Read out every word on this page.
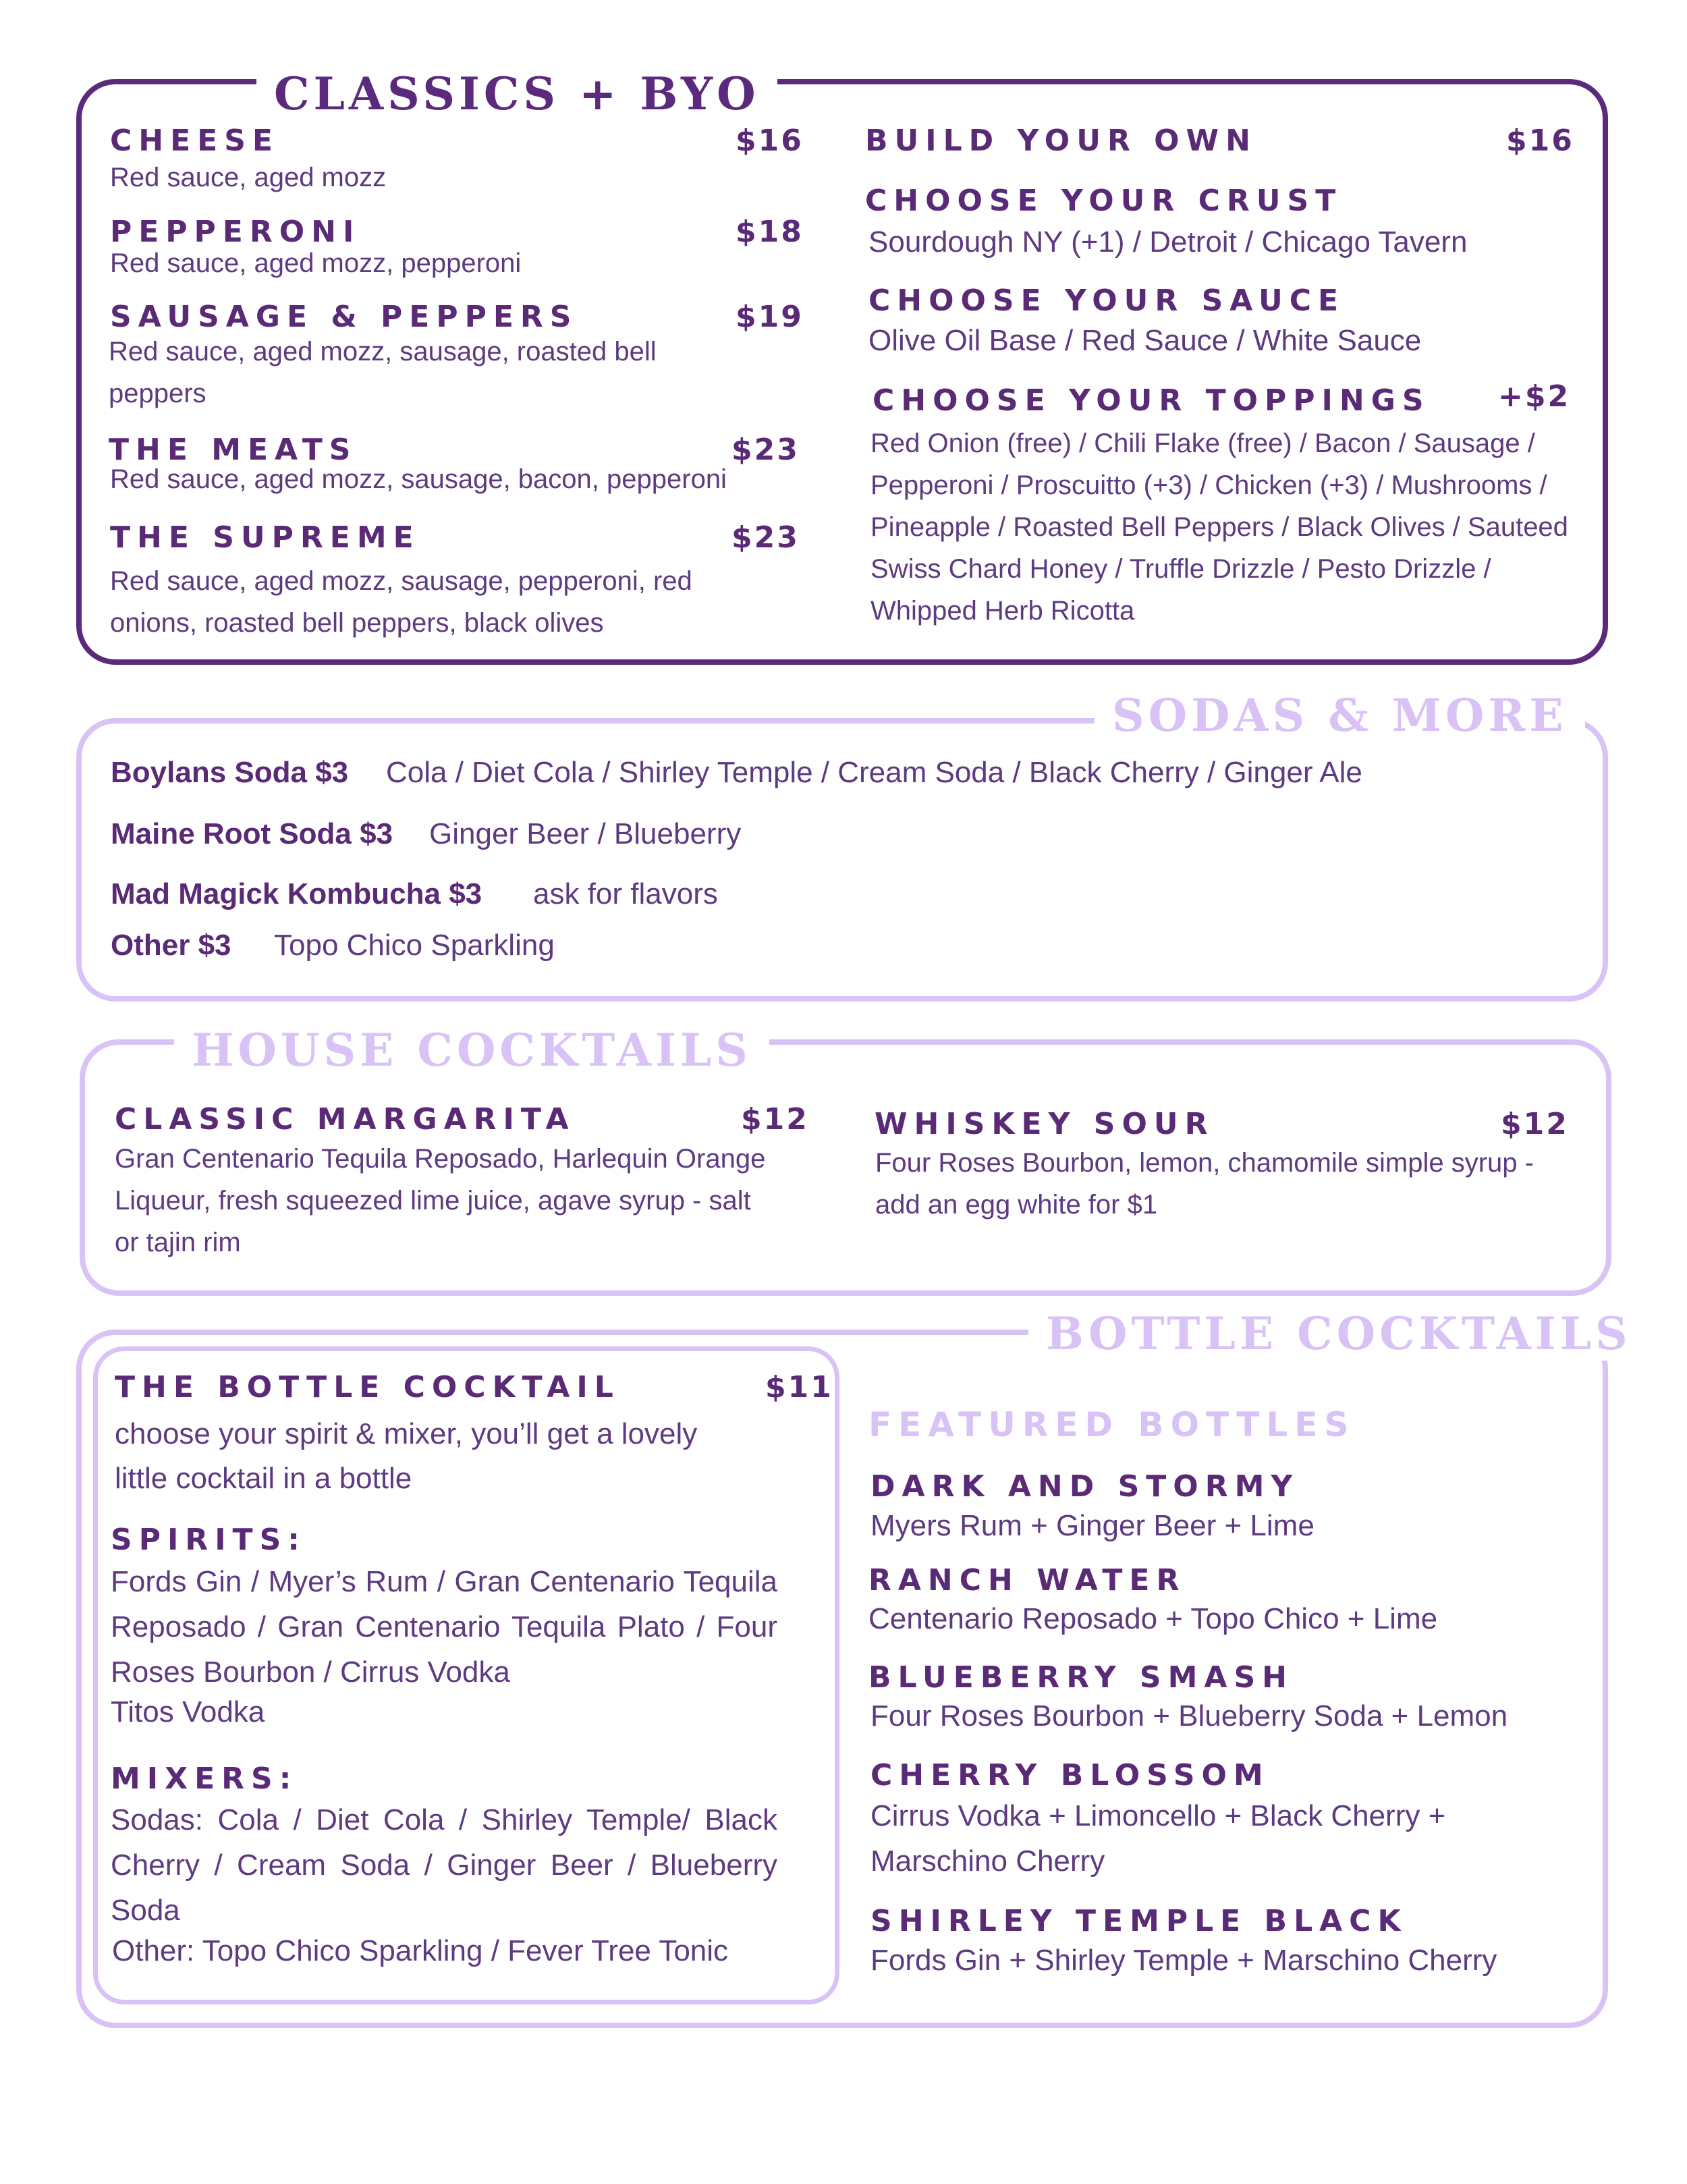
CLASSICS + BYO
CHEESE	$16
Red sauce, aged mozz
PEPPERONI	$18
Red sauce, aged mozz, pepperoni
SAUSAGE & PEPPERS	$19
Red sauce, aged mozz, sausage, roasted bell peppers
THE MEATS	$23
Red sauce, aged mozz, sausage, bacon, pepperoni
THE SUPREME	$23
Red sauce, aged mozz, sausage, pepperoni, red onions, roasted bell peppers, black olives
BUILD YOUR OWN	$16
CHOOSE YOUR CRUST
Sourdough NY (+1) / Detroit / Chicago Tavern
CHOOSE YOUR SAUCE
Olive Oil Base / Red Sauce / White Sauce
CHOOSE YOUR TOPPINGS +$2
Red Onion (free) / Chili Flake (free) / Bacon / Sausage / Pepperoni / Proscuitto (+3) / Chicken (+3) / Mushrooms / Pineapple / Roasted Bell Peppers / Black Olives / Sauteed Swiss Chard Honey / Truffle Drizzle / Pesto Drizzle / Whipped Herb Ricotta
SODAS & MORE
Boylans Soda $3 Cola / Diet Cola / Shirley Temple / Cream Soda / Black Cherry / Ginger Ale
Maine Root Soda $3 Ginger Beer / Blueberry
Mad Magick Kombucha $3 ask for flavors
Other $3 Topo Chico Sparkling
HOUSE COCKTAILS
CLASSIC MARGARITA	$12
Gran Centenario Tequila Reposado, Harlequin Orange Liqueur, fresh squeezed lime juice, agave syrup - salt or tajin rim
WHISKEY SOUR	$12
Four Roses Bourbon, lemon, chamomile simple syrup - add an egg white for $1
BOTTLE COCKTAILS
THE BOTTLE COCKTAIL	$11
choose your spirit & mixer, you’ll get a lovely little cocktail in a bottle
SPIRITS:
Fords Gin / Myer’s Rum / Gran Centenario Tequila Reposado / Gran Centenario Tequila Plato / Four Roses Bourbon / Cirrus Vodka
Titos Vodka
MIXERS:
Sodas: Cola / Diet Cola / Shirley Temple/ Black Cherry / Cream Soda / Ginger Beer / Blueberry Soda
Other: Topo Chico Sparkling / Fever Tree Tonic
FEATURED BOTTLES
DARK AND STORMY
Myers Rum + Ginger Beer + Lime
RANCH WATER
Centenario Reposado + Topo Chico + Lime
BLUEBERRY SMASH
Four Roses Bourbon + Blueberry Soda + Lemon
CHERRY BLOSSOM
Cirrus Vodka + Limoncello + Black Cherry + Marschino Cherry
SHIRLEY TEMPLE BLACK
Fords Gin + Shirley Temple + Marschino Cherry
